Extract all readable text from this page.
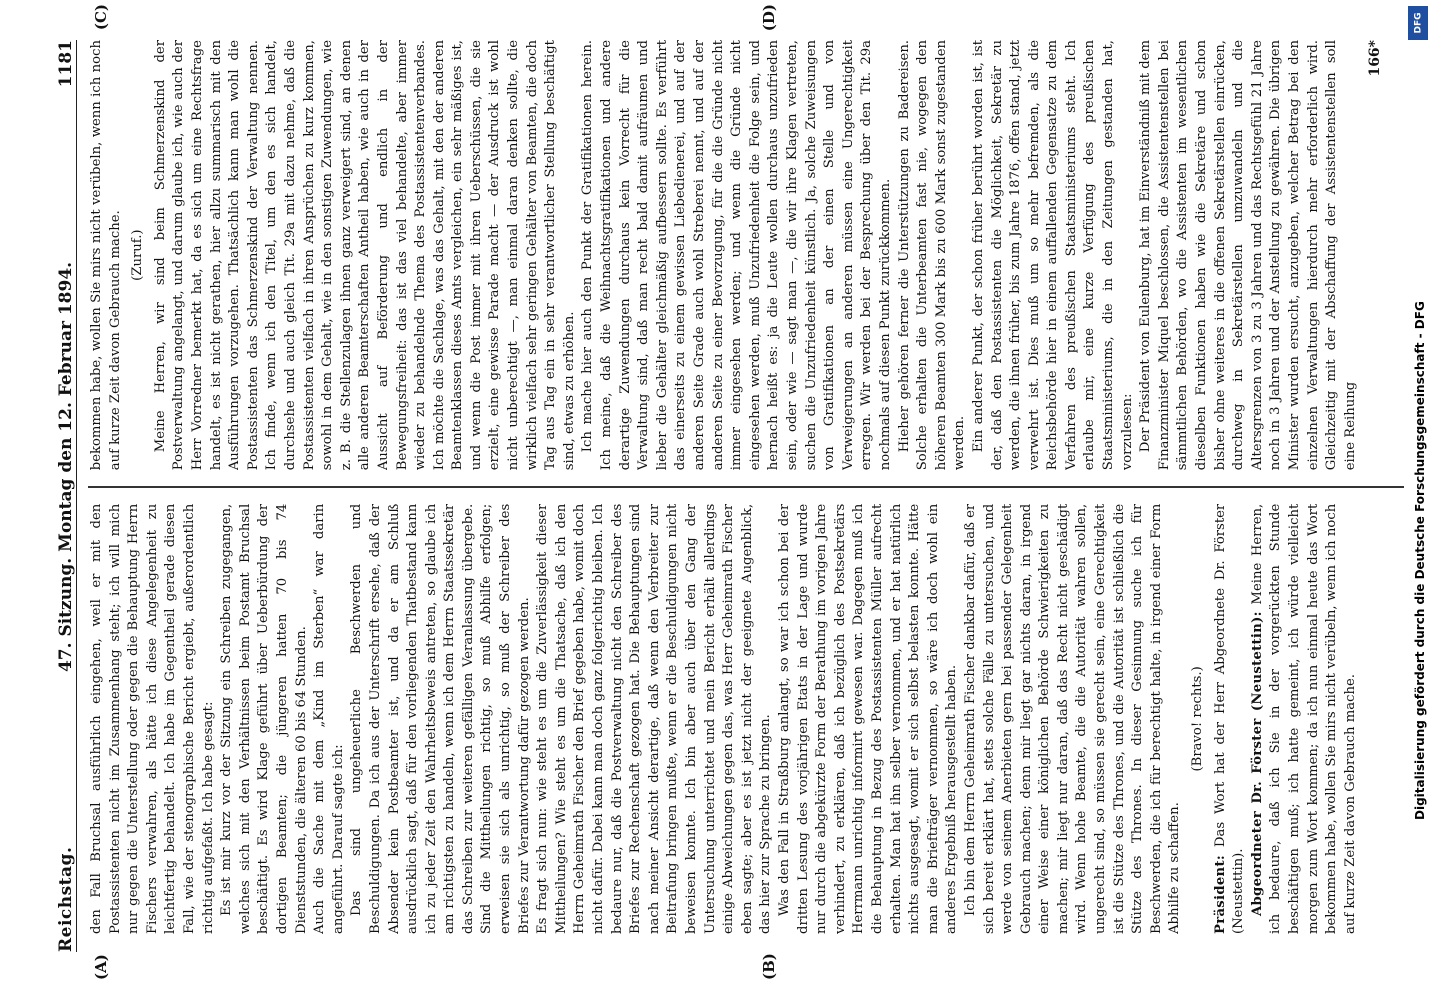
Reichstag.
47. Sitzung. Montag den 12. Februar 1894.
1181
(A)	(B)

den Fall Bruchsal ausführlich eingehen, weil er mit den Postassistenten nicht im Zusammenhang steht; ich will mich nur gegen die Unterstellung oder gegen die Behauptung Herrn Fischers verwahren, als hätte ich diese Angelegenheit zu leichtfertig behandelt. Ich habe im Gegentheil gerade diesen Fall, wie der stenographische Bericht ergiebt, außerordentlich richtig aufgefaßt. Ich habe gesagt: Es ist mir kurz vor der Sitzung ein Schreiben zugegangen, welches sich mit den Verhältnissen beim Postamt Bruchsal beschäftigt. Es wird Klage geführt über Ueberbürdung der dortigen Beamten; die jüngeren hatten 70 bis 74 Dienststunden, die älteren 60 bis 64 Stunden. Auch die Sache mit dem „Kind im Sterben“ war darin angeführt. Darauf sagte ich: Das sind ungeheuerliche Beschwerden und Beschuldigungen. Da ich aus der Unterschrift ersehe, daß der Absender kein Postbeamter ist, und da er am Schluß ausdrücklich sagt, daß für den vorliegenden Thatbestand kann ich zu jeder Zeit den Wahrheitsbeweis antreten, so glaube ich am richtigsten zu handeln, wenn ich dem Herrn Staatssekretär das Schreiben zur weiteren gefälligen Veranlassung übergebe. Sind die Mittheilungen richtig, so muß Abhilfe erfolgen; erweisen sie sich als unrichtig, so muß der Schreiber des Briefes zur Verantwortung dafür gezogen werden. Es fragt sich nun: wie steht es um die Zuverlässigkeit dieser Mittheilungen? Wie steht es um die Thatsache, daß ich den Herrn Geheimrath Fischer den Brief gegeben habe, womit doch nicht dafür. Dabei kann man doch ganz folgerichtig bleiben. Ich bedaure nur, daß die Postverwaltung nicht den Schreiber des Briefes zur Rechenschaft gezogen hat. Die Behauptungen sind nach meiner Ansicht derartige, daß wenn den Verbreiter zur Beitrafung bringen mußte, wenn er die Beschuldigungen nicht beweisen konnte. Ich bin aber auch über den Gang der Untersuchung unterrichtet und mein Bericht erhält allerdings einige Abweichungen gegen das, was Herr Geheimrath Fischer eben sagte; aber es ist jetzt nicht der geeignete Augenblick, das hier zur Sprache zu bringen. Was den Fall in Straßburg anlangt, so war ich schon bei der dritten Lesung des vorjährigen Etats in der Lage und wurde nur durch die abgekürzte Form der Berathung im vorigen Jahre verhindert, zu erklären, daß ich bezüglich des Postsekretärs Herrmann unrichtig informirt gewesen war. Dagegen muß ich die Behauptung in Bezug des Postassistenten Müller aufrecht erhalten. Man hat ihn selber vernommen, und er hat natürlich nichts ausgesagt, womit er sich selbst belasten konnte. Hätte man die Briefträger vernommen, so wäre ich doch wohl ein anderes Ergebniß herausgestellt haben. Ich bin dem Herrn Geheimrath Fischer dankbar dafür, daß er sich bereit erklärt hat, stets solche Fälle zu untersuchen, und werde von seinem Anerbieten gern bei passender Gelegenheit Gebrauch machen; denn mir liegt gar nichts daran, in irgend einer Weise einer königlichen Behörde Schwierigkeiten zu machen; mir liegt nur daran, daß das Recht nicht geschädigt wird. Wenn hohe Beamte, die die Autorität wahren sollen, ungerecht sind, so müssen sie gerecht sein, eine Gerechtigkeit ist die Stütze des Thrones, und die Autorität ist schließlich die Stütze des Thrones. In dieser Gesinnung suche ich für Beschwerden, die ich für berechtigt halte, in irgend einer Form Abhilfe zu schaffen.

(Bravo! rechts.)

Präsident: Das Wort hat der Herr Abgeordnete Dr. Förster (Neustettin). Abgeordneter Dr. Förster (Neustettin): Meine Herren, ich bedaure, daß ich Sie in der vorgerückten Stunde beschäftigen muß; ich hatte gemeint, ich würde vielleicht morgen zum Wort kommen; da ich nun einmal heute das Wort bekommen habe, wollen Sie mirs nicht verübeln, wenn ich noch auf kurze Zeit davon Gebrauch mache.

bekommen habe, wollen Sie mirs nicht verübeln, wenn ich noch auf kurze Zeit davon Gebrauch mache. (Zuruf.) Meine Herren, wir sind beim Schmerzenskind der Postverwaltung angelangt, und darum glaube ich, wie auch der Herr Vorredner bemerkt hat, da es sich um eine Rechtsfrage handelt, es ist nicht gerathen, hier allzu summarisch mit den Ausführungen vorzugehen. Thatsächlich kann man wohl die Postassistenten das Schmerzenskind der Verwaltung nennen. Ich finde, wenn ich den Titel, um den es sich handelt, durchsehe und auch gleich Tit. 29a mit dazu nehme, daß die Postassistenten vielfach in ihren Ansprüchen zu kurz kommen, sowohl in dem Gehalt, wie in den sonstigen Zuwendungen, wie z. B. die Stellenzulagen ihnen ganz verweigert sind, an denen alle anderen Beamterschaften Antheil haben, wie auch in der Aussicht auf Beförderung und endlich in der Bewegungsfreiheit: das ist das viel behandelte, aber immer wieder zu behandelnde Thema des Postassistentenverbandes. Ich möchte die Sachlage, was das Gehalt, mit den der anderen Beamtenklassen dieses Amts vergleichen, ein sehr mäßiges ist, und wenn die Post immer mit ihren Ueberschüssen, die sie erzielt, eine gewisse Parade macht — der Ausdruck ist wohl nicht unberechtigt —, man einmal daran denken sollte, die wirklich vielfach sehr geringen Gehälter von Beamten, die doch Tag aus Tag ein in sehr verantwortlicher Stellung beschäftigt sind, etwas zu erhöhen. Ich mache hier auch den Punkt der Gratifikationen herein. Ich meine, daß die Weihnachtsgratifikationen und andere derartige Zuwendungen durchaus kein Vorrecht für die Verwaltung sind, daß man recht bald damit aufräumen und lieber die Gehälter gleichmäßig aufbessern sollte. Es verführt das einerseits zu einem gewissen Liebedienerei, und auf der anderen Seite Grade auch wohl Streberei nennt, und auf der anderen Seite zu einer Bevorzugung, für die die Gründe nicht immer eingesehen werden; und wenn die Gründe nicht eingesehen werden, muß Unzufriedenheit die Folge sein, und hernach heißt es: ja die Leute wollen durchaus unzufrieden sein, oder wie — sagt man —, die wir ihre Klagen vertreten, suchen die Unzufriedenheit künstlich. Ja, solche Zuweisungen von Gratifikationen an der einen Stelle und von Verweigerungen an anderen müssen eine Ungerechtigkeit erregen. Wir werden bei der Besprechung über den Tit. 29a nochmals auf diesen Punkt zurückkommen. Hieher gehören ferner die Unterstützungen zu Badereisen. Solche erhalten die Unterbeamten fast nie, wogegen den höheren Beamten 300 Mark bis zu 600 Mark sonst zugestanden werden. Ein anderer Punkt, der schon früher berührt worden ist, ist der, daß den Postassistenten die Möglichkeit, Sekretär zu werden, die ihnen früher, bis zum Jahre 1876, offen stand, jetzt verwehrt ist. Dies muß um so mehr befremden, als die Reichsbehörde hier in einem auffallenden Gegensatze zu dem Verfahren des preußischen Staatsministeriums steht. Ich erlaube mir, eine kurze Verfügung des preußischen Staatsministeriums, die in den Zeitungen gestanden hat, vorzulesen: Der Präsident von Eulenburg, hat im Einverständniß mit dem Finanzminister Miquel beschlossen, die Assistentenstellen bei sämmtlichen Behörden, wo die Assistenten im wesentlichen dieselben Funktionen haben wie die Sekretäre und schon bisher ohne weiteres in die offenen Sekretärstellen einrücken, durchweg in Sekretärstellen umzuwandeln und die Altersgrenzen von 3 zu 3 Jahren und das Rechtsgefühl 21 Jahre noch in 3 Jahren und der Anstellung zu gewähren. Die übrigen Minister wurden ersucht, anzugeben, welcher Betrag bei den einzelnen Verwaltungen hierdurch mehr erforderlich wird. Gleichzeitig mit der Abschaffung der Assistentenstellen soll eine Reihung

166*
(C)	(D)
Digitalisierung gefördert durch die Deutsche Forschungsgemeinschaft - DFG
DFG
